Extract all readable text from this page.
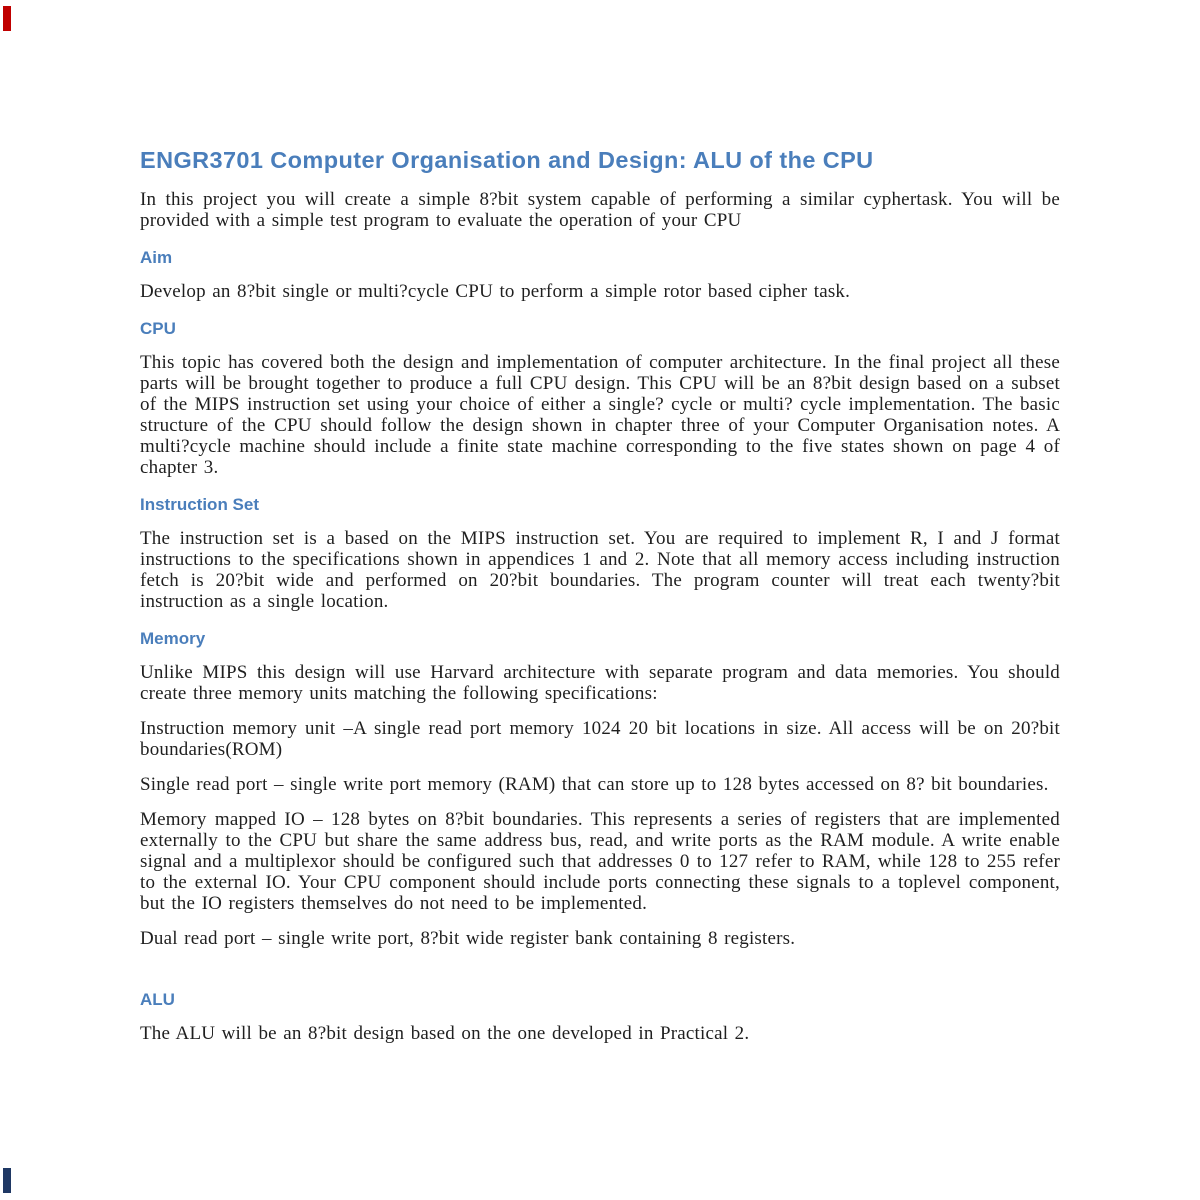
ENGR3701 Computer Organisation and Design: ALU of the CPU

In this project you will create a simple 8?bit system capable of performing a similar cyphertask. You will be provided with a simple test program to evaluate the operation of your CPU

Aim

Develop an 8?bit single or multi?cycle CPU to perform a simple rotor based cipher task.

CPU

This topic has covered both the design and implementation of computer architecture. In the final project all these parts will be brought together to produce a full CPU design. This CPU will be an 8?bit design based on a subset of the MIPS instruction set using your choice of either a single? cycle or multi? cycle implementation. The basic structure of the CPU should follow the design shown in chapter three of your Computer Organisation notes. A multi?cycle machine should include a finite state machine corresponding to the five states shown on page 4 of chapter 3.

Instruction Set

The instruction set is a based on the MIPS instruction set. You are required to implement R, I and J format instructions to the specifications shown in appendices 1 and 2. Note that all memory access including instruction fetch is 20?bit wide and performed on 20?bit boundaries. The program counter will treat each twenty?bit instruction as a single location.

Memory

Unlike MIPS this design will use Harvard architecture with separate program and data memories. You should create three memory units matching the following specifications:

Instruction memory unit –A single read port memory 1024 20 bit locations in size. All access will be on 20?bit boundaries(ROM)

Single read port – single write port memory (RAM) that can store up to 128 bytes accessed on 8? bit boundaries.

Memory mapped IO – 128 bytes on 8?bit boundaries. This represents a series of registers that are implemented externally to the CPU but share the same address bus, read, and write ports as the RAM module. A write enable signal and a multiplexor should be configured such that addresses 0 to 127 refer to RAM, while 128 to 255 refer to the external IO. Your CPU component should include ports connecting these signals to a toplevel component, but the IO registers themselves do not need to be implemented.

Dual read port – single write port, 8?bit wide register bank containing 8 registers.

ALU

The ALU will be an 8?bit design based on the one developed in Practical 2.
